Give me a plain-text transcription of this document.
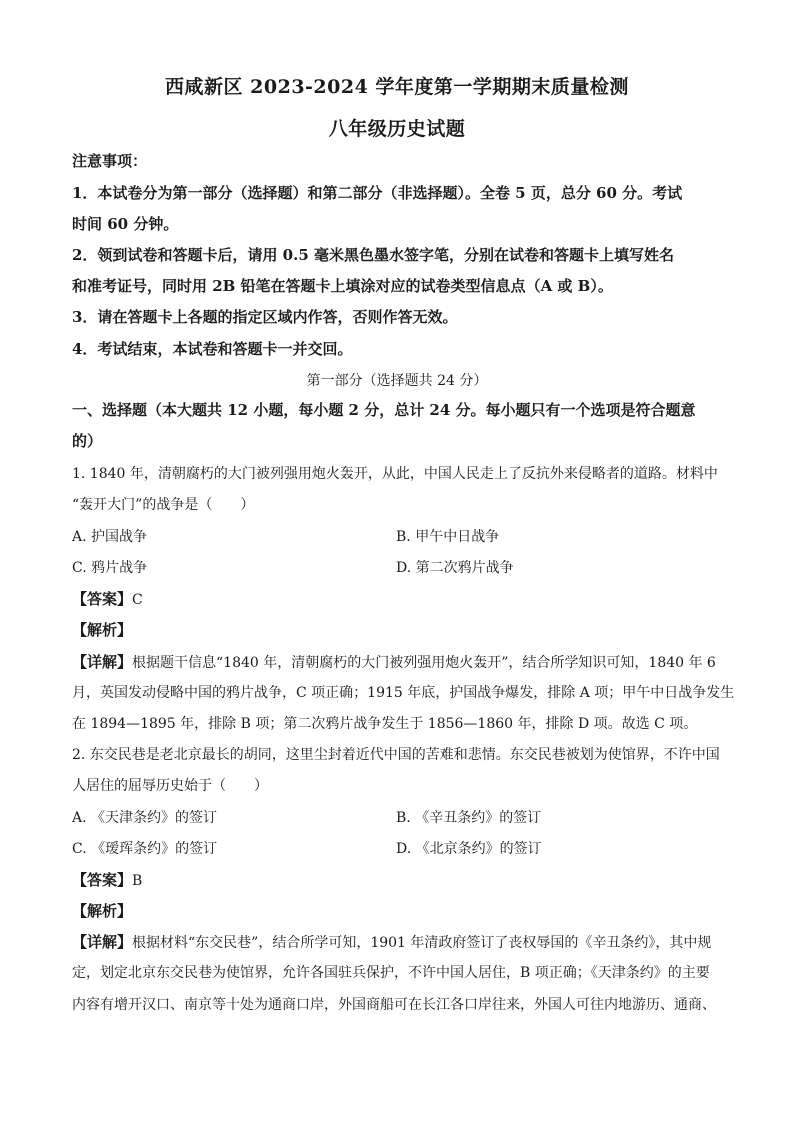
西咸新区 2023-2024 学年度第一学期期末质量检测
八年级历史试题
注意事项：
1．本试卷分为第一部分（选择题）和第二部分（非选择题）。全卷 5 页，总分 60 分。考试
时间 60 分钟。
2．领到试卷和答题卡后，请用 0.5 毫米黑色墨水签字笔，分别在试卷和答题卡上填写姓名
和准考证号，同时用 2B 铅笔在答题卡上填涂对应的试卷类型信息点（A 或 B）。
3．请在答题卡上各题的指定区域内作答，否则作答无效。
4．考试结束，本试卷和答题卡一并交回。
第一部分（选择题共 24 分）
一、选择题（本大题共 12 小题，每小题 2 分，总计 24 分。每小题只有一个选项是符合题意
的）
1. 1840 年，清朝腐朽的大门被列强用炮火轰开，从此，中国人民走上了反抗外来侵略者的道路。材料中
“轰开大门”的战争是（　　）
A. 护国战争	B. 甲午中日战争
C. 鸦片战争	D. 第二次鸦片战争
【答案】C
【解析】
【详解】根据题干信息“1840 年，清朝腐朽的大门被列强用炮火轰开”，结合所学知识可知，1840 年 6
月，英国发动侵略中国的鸦片战争，C 项正确；1915 年底，护国战争爆发，排除 A 项；甲午中日战争发生
在 1894—1895 年，排除 B 项；第二次鸦片战争发生于 1856—1860 年，排除 D 项。故选 C 项。
2. 东交民巷是老北京最长的胡同，这里尘封着近代中国的苦难和悲情。东交民巷被划为使馆界，不许中国
人居住的屈辱历史始于（　　）
A. 《天津条约》的签订	B. 《辛丑条约》的签订
C. 《瑷珲条约》的签订	D. 《北京条约》的签订
【答案】B
【解析】
【详解】根据材料“东交民巷”，结合所学可知，1901 年清政府签订了丧权辱国的《辛丑条约》，其中规
定，划定北京东交民巷为使馆界，允许各国驻兵保护，不许中国人居住，B 项正确；《天津条约》的主要
内容有增开汉口、南京等十处为通商口岸，外国商船可在长江各口岸往来，外国人可往内地游历、通商、
